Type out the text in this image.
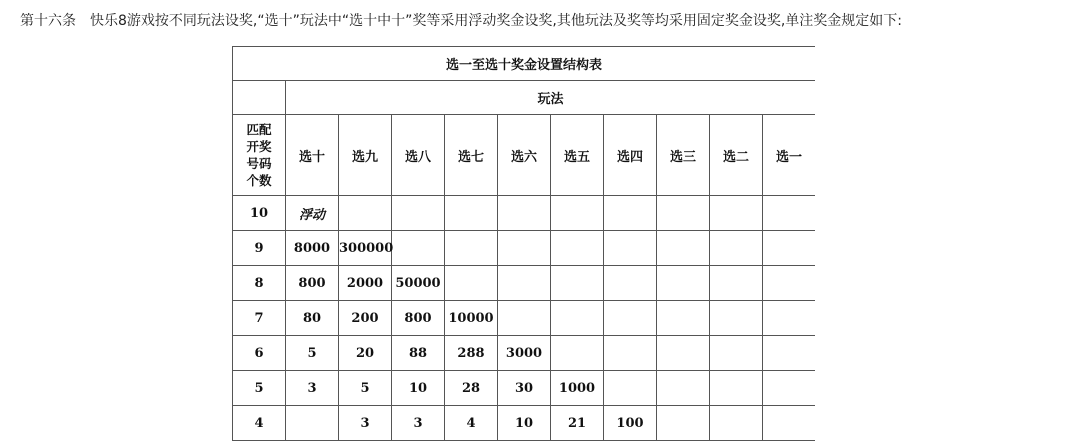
第十六条　快乐8游戏按不同玩法设奖,“选十”玩法中“选十中十”奖等采用浮动奖金设奖,其他玩法及奖等均采用固定奖金设奖,单注奖金规定如下:
选一至选十奖金设置结构表										
	玩法									

匹配
开奖
号码
个数	选十	选九	选八	选七	选六	选五	选四	选三	选二	选一
10	浮动									
9	8000	300000								
8	800	2000	50000							
7	80	200	800	10000						
6	5	20	88	288	3000					
5	3	5	10	28	30	1000				
4		3	3	4	10	21	100			
